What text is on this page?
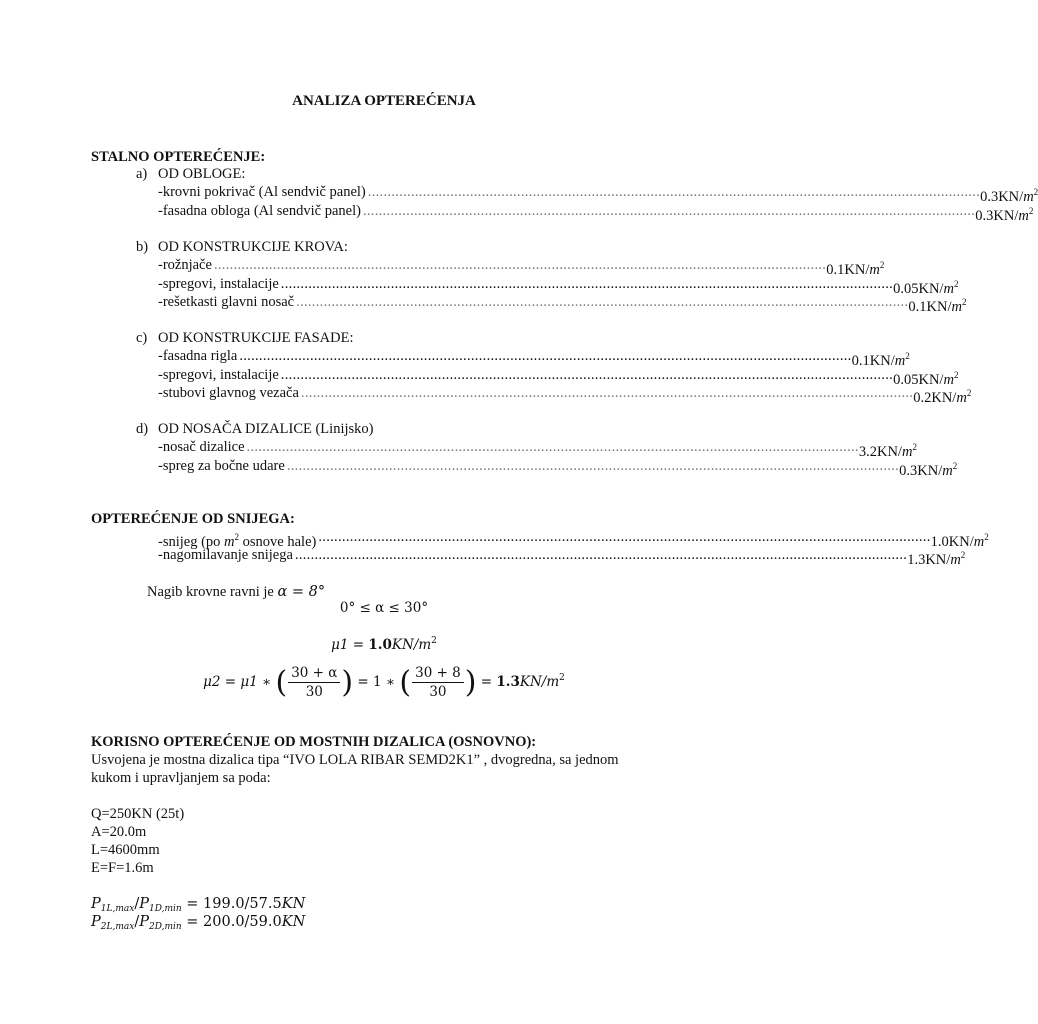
ANALIZA OPTEREĆENJA
STALNO OPTEREĆENJE:
a) OD OBLOGE:
-krovni pokrivač (Al sendvič panel) ............................................................................................................................................................ $0.3KN/m^2$
-fasadna obloga (Al sendvič panel) ............................................................................................................................................................ $0.3KN/m^2$
b) OD KONSTRUKCIJE KROVA:
-rožnjače ............................................................................................................................................................ $0.1KN/m^2$
-spregovi, instalacije ............................................................................................................................................................ $0.05KN/m^2$
-rešetkasti glavni nosač ............................................................................................................................................................ $0.1KN/m^2$
c) OD KONSTRUKCIJE FASADE:
-fasadna rigla ............................................................................................................................................................ $0.1KN/m^2$
-spregovi, instalacije ............................................................................................................................................................ $0.05KN/m^2$
-stubovi glavnog vezača ............................................................................................................................................................ $0.2KN/m^2$
d) OD NOSAČA DIZALICE (Linijsko)
-nosač dizalice ............................................................................................................................................................ $3.2KN/m^2$
-spreg za bočne udare ............................................................................................................................................................ $0.3KN/m^2$
OPTEREĆENJE OD SNIJEGA:
-snijeg (po $m^2$ osnove hale) ............................................................................................................................................................ $1.0KN/m^2$
-nagomilavanje snijega ............................................................................................................................................................ $1.3KN/m^2$
Nagib krovne ravni je α = 8°
0° ≤ α ≤ 30°
$\mu 1 = 1.0KN/m^2$
μ2 = μ1 ∗ ( $\frac{30 + \alpha}{30}$ ) = 1 ∗ ( $\frac{30 + 8}{30}$ ) = $1.3KN/m^2$
KORISNO OPTEREĆENJE OD MOSTNIH DIZALICA (OSNOVNO):
Usvojena je mostna dizalica tipa “IVO LOLA RIBAR SEMD2K1” , dvogredna, sa jednom
kukom i upravljanjem sa poda:
Q=250KN (25t)
A=20.0m
L=4600mm
E=F=1.6m
$P_{1L,max}/P_{1D,min} = 199.0/57.5KN$
$P_{2L,max}/P_{2D,min} = 200.0/59.0KN$
